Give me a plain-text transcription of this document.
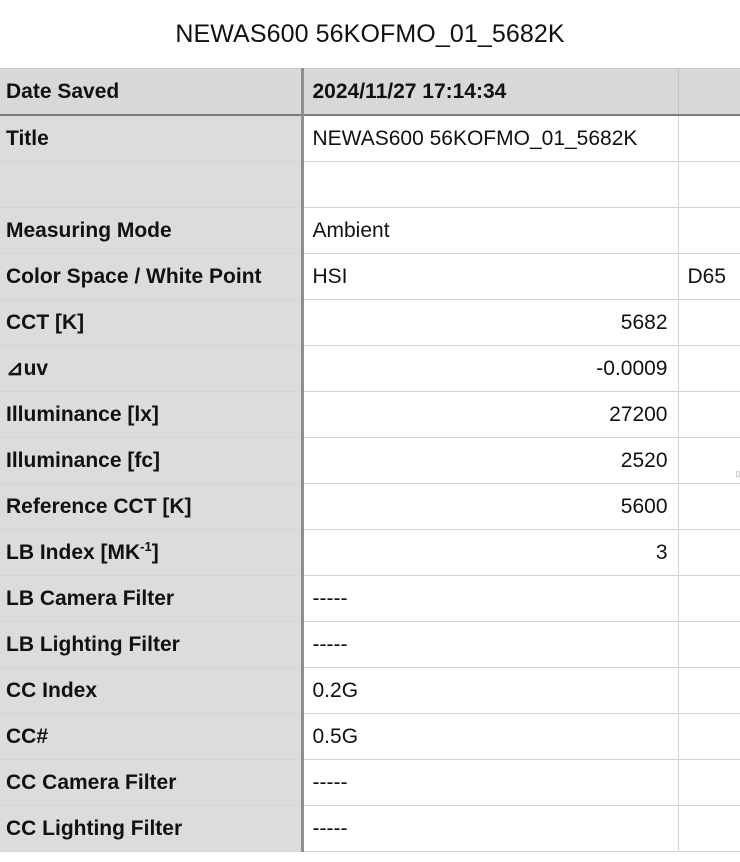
NEWAS600 56KOFMO_01_5682K
Date Saved	2024/11/27 17:14:34	
Title	NEWAS600 56KOFMO_01_5682K	

Measuring Mode	Ambient	
Color Space / White Point	HSI	D65
CCT [K]	5682	
⊿uv	-0.0009	
Illuminance [lx]	27200	
Illuminance [fc]	2520	
Reference CCT [K]	5600	
LB Index $[MK^{-1}]$	3	
LB Camera Filter	-----	
LB Lighting Filter	-----	
CC Index	0.2G	
CC#	0.5G	
CC Camera Filter	-----	
CC Lighting Filter	-----	
▯
